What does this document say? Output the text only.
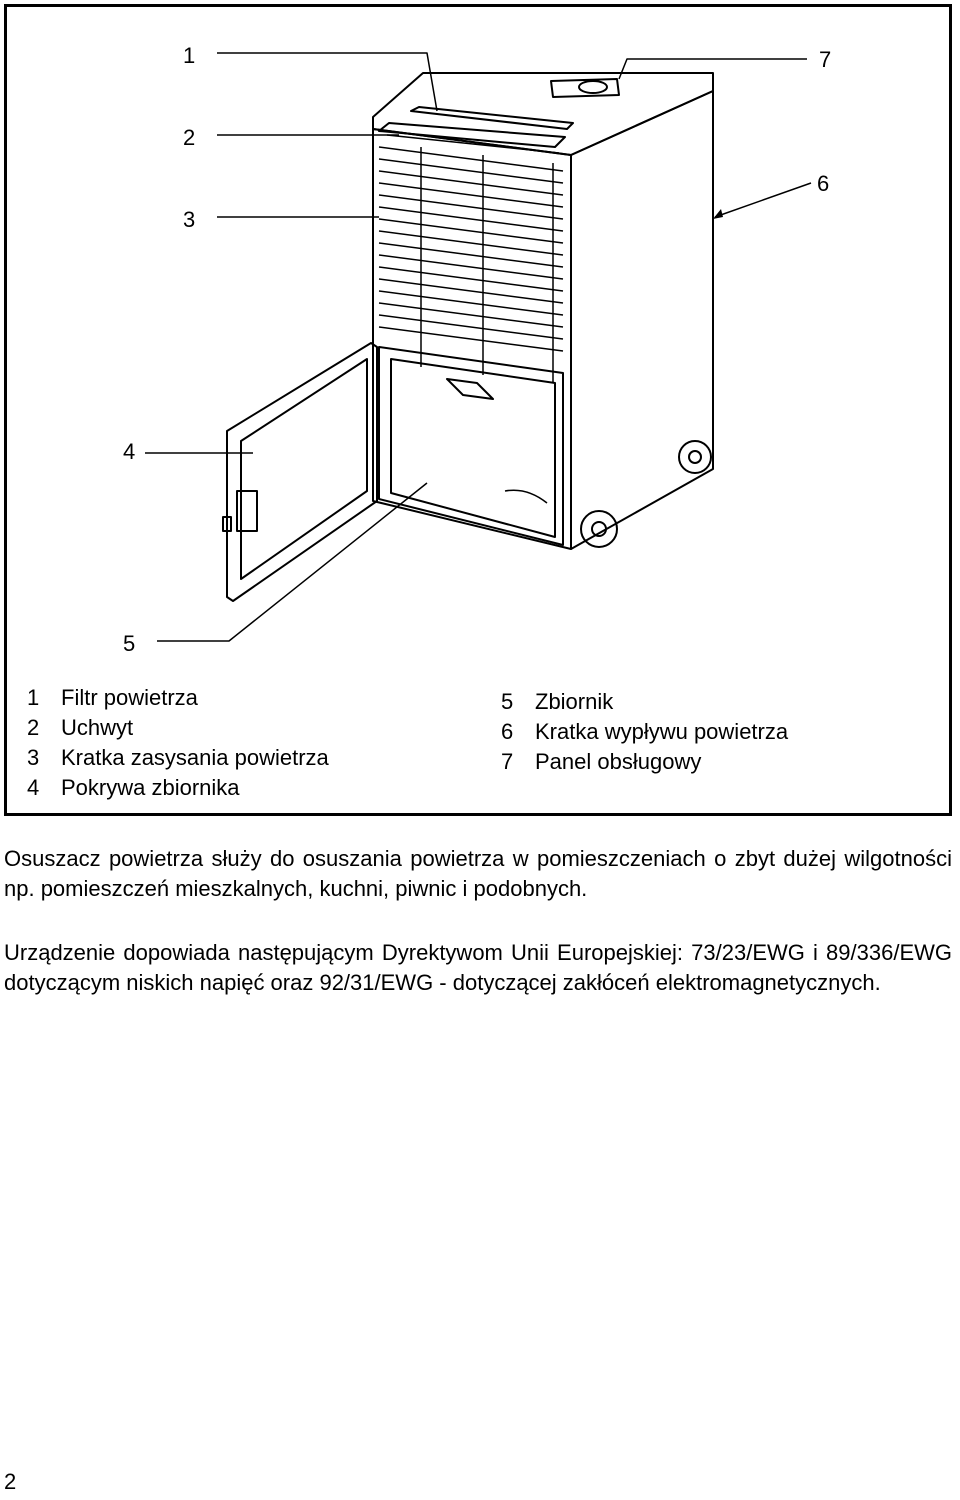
1
2
3
4
5
6
7
1 Filtr powietrza
2 Uchwyt
3 Kratka zasysania powietrza
4 Pokrywa zbiornika
5 Zbiornik
6 Kratka wypływu powietrza
7 Panel obsługowy

Osuszacz powietrza służy do osuszania powietrza w pomieszczeniach o zbyt dużej wilgotności np. pomieszczeń mieszkalnych, kuchni, piwnic i podobnych.

Urządzenie dopowiada następującym Dyrektywom Unii Europejskiej: 73/23/EWG i 89/336/EWG dotyczącym niskich napięć oraz 92/31/EWG - dotyczącej zakłóceń elektromagnetycznych.

2
